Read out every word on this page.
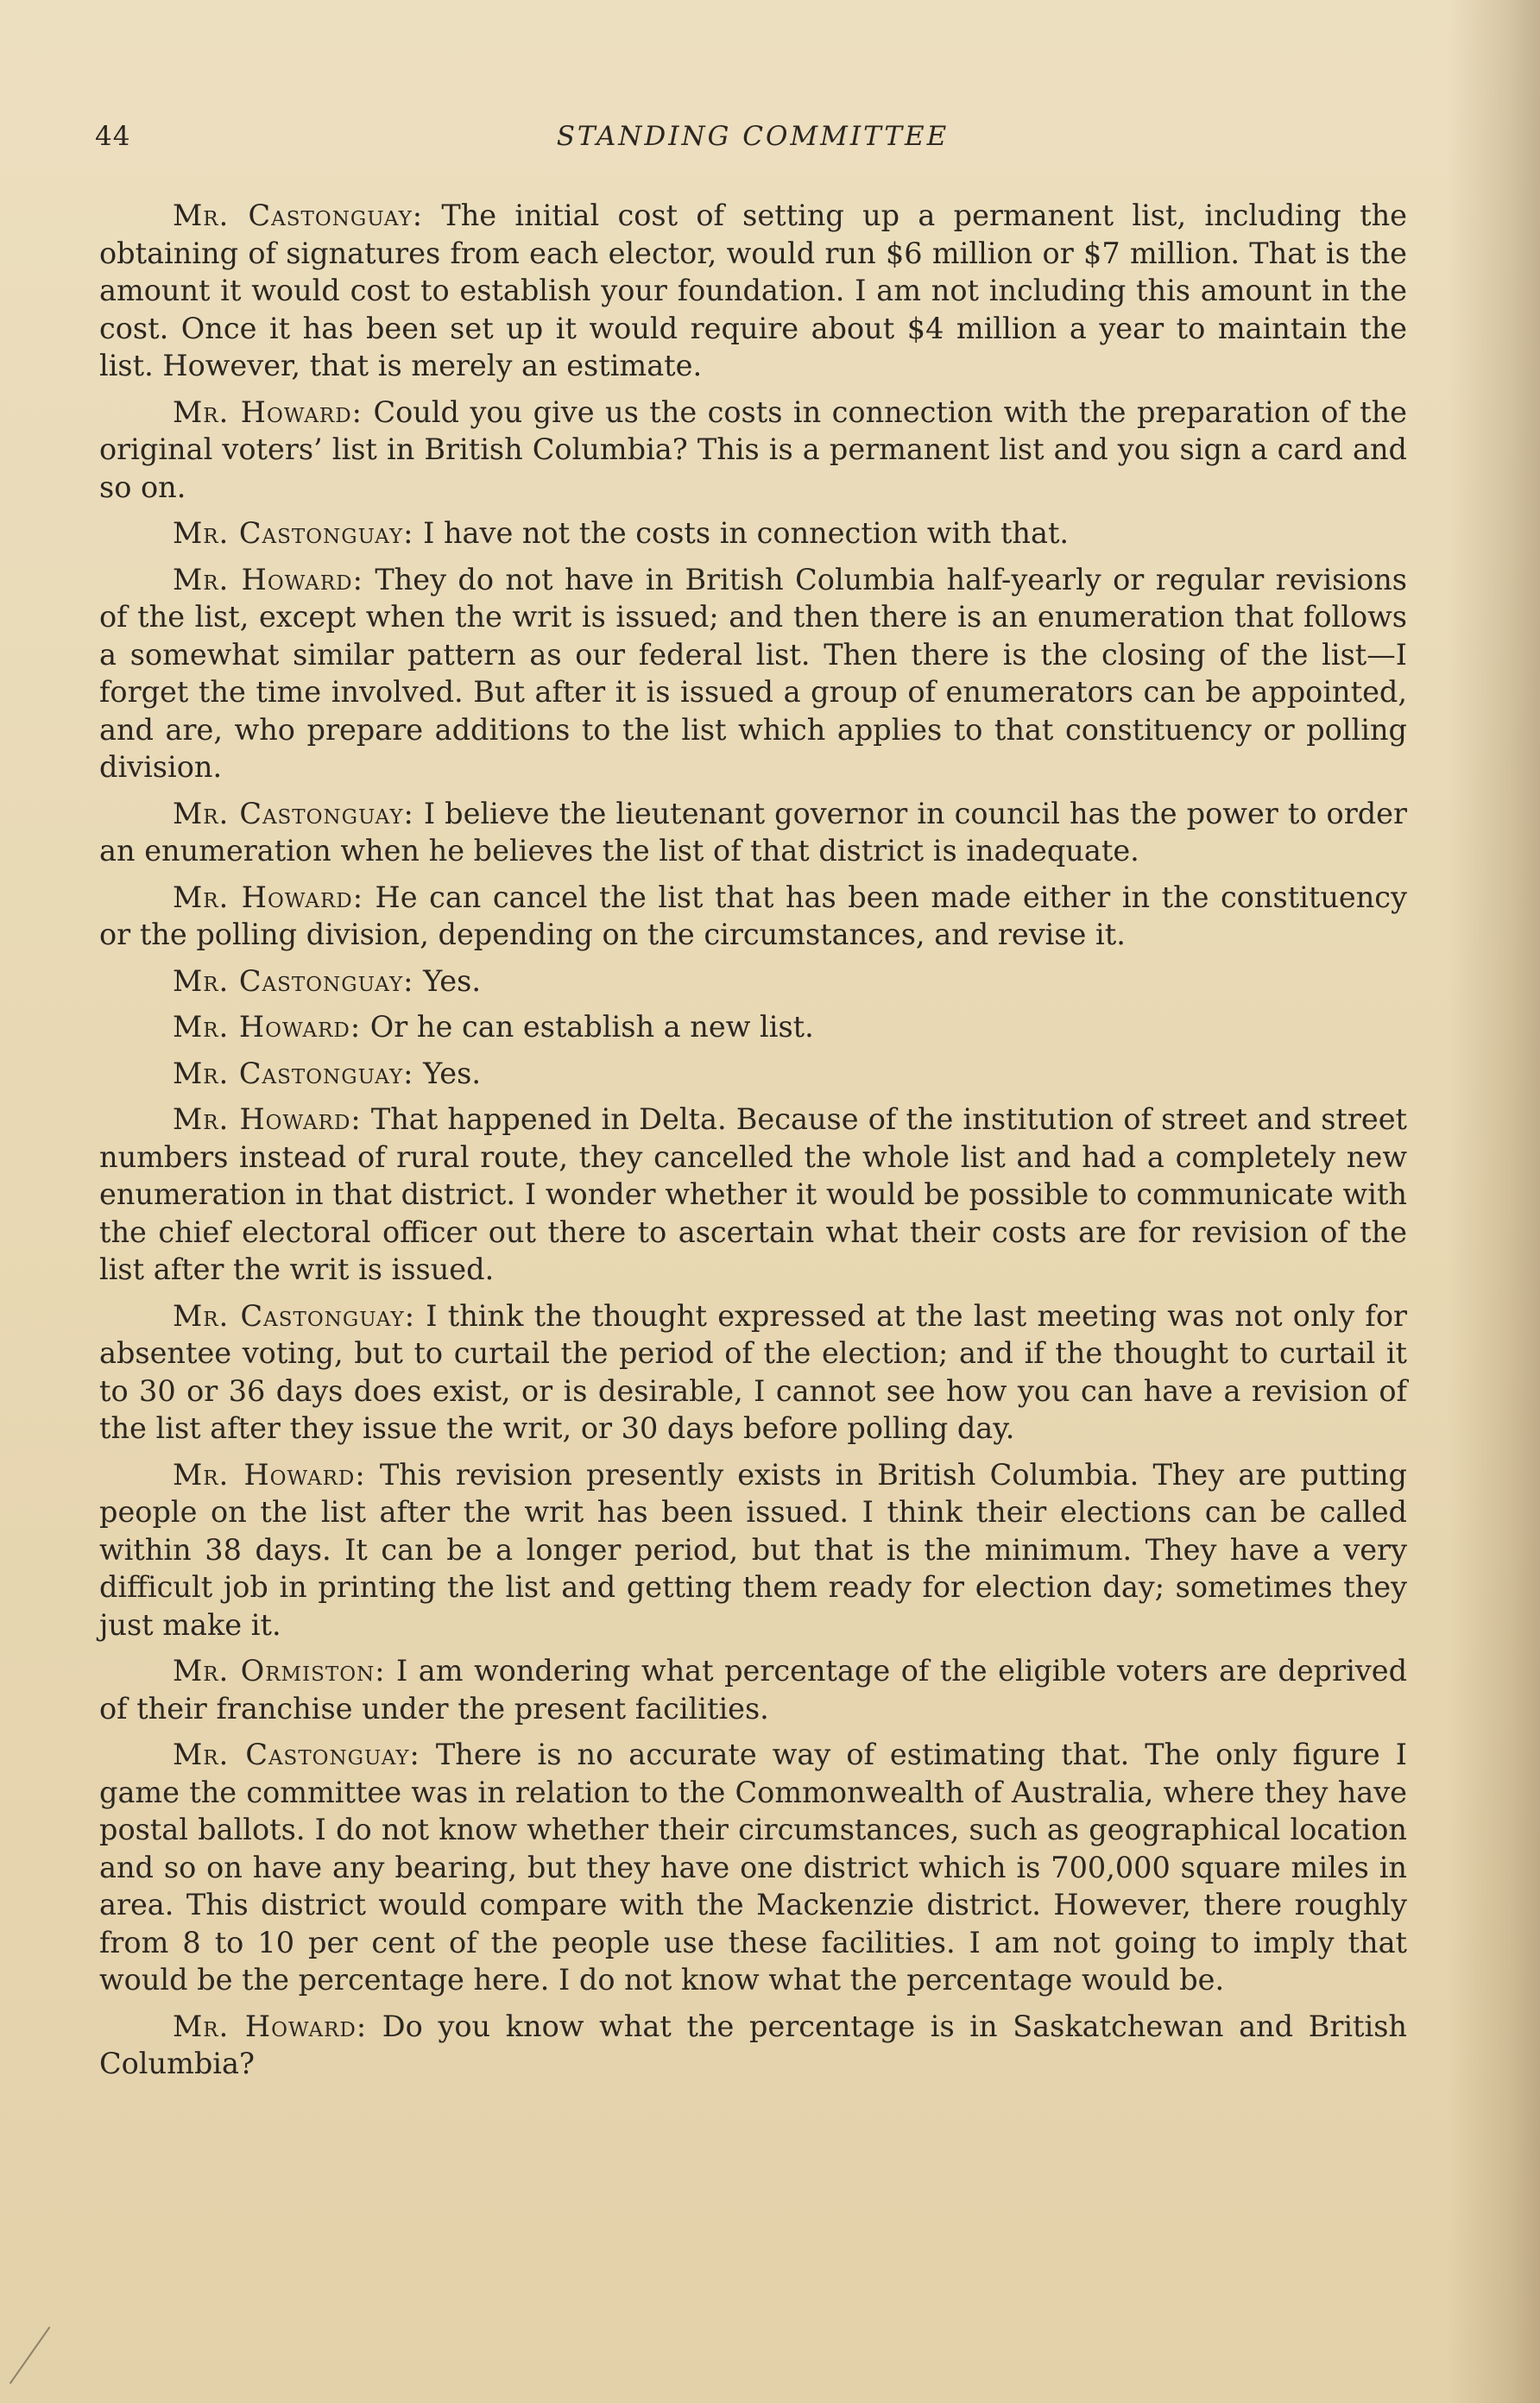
44	STANDING COMMITTEE

Mr. Castonguay: The initial cost of setting up a permanent list, including the obtaining of signatures from each elector, would run $6 million or $7 million. That is the amount it would cost to establish your foundation. I am not including this amount in the cost. Once it has been set up it would require about $4 million a year to maintain the list. However, that is merely an estimate.

Mr. Howard: Could you give us the costs in connection with the preparation of the original voters’ list in British Columbia? This is a permanent list and you sign a card and so on.

Mr. Castonguay: I have not the costs in connection with that.

Mr. Howard: They do not have in British Columbia half-yearly or regular revisions of the list, except when the writ is issued; and then there is an enumeration that follows a somewhat similar pattern as our federal list. Then there is the closing of the list—I forget the time involved. But after it is issued a group of enumerators can be appointed, and are, who prepare additions to the list which applies to that constituency or polling division.

Mr. Castonguay: I believe the lieutenant governor in council has the power to order an enumeration when he believes the list of that district is inadequate.

Mr. Howard: He can cancel the list that has been made either in the constituency or the polling division, depending on the circumstances, and revise it.

Mr. Castonguay: Yes.

Mr. Howard: Or he can establish a new list.

Mr. Castonguay: Yes.

Mr. Howard: That happened in Delta. Because of the institution of street and street numbers instead of rural route, they cancelled the whole list and had a completely new enumeration in that district. I wonder whether it would be possible to communicate with the chief electoral officer out there to ascertain what their costs are for revision of the list after the writ is issued.

Mr. Castonguay: I think the thought expressed at the last meeting was not only for absentee voting, but to curtail the period of the election; and if the thought to curtail it to 30 or 36 days does exist, or is desirable, I cannot see how you can have a revision of the list after they issue the writ, or 30 days before polling day.

Mr. Howard: This revision presently exists in British Columbia. They are putting people on the list after the writ has been issued. I think their elections can be called within 38 days. It can be a longer period, but that is the minimum. They have a very difficult job in printing the list and getting them ready for election day; sometimes they just make it.

Mr. Ormiston: I am wondering what percentage of the eligible voters are deprived of their franchise under the present facilities.

Mr. Castonguay: There is no accurate way of estimating that. The only figure I game the committee was in relation to the Commonwealth of Australia, where they have postal ballots. I do not know whether their circumstances, such as geographical location and so on have any bearing, but they have one district which is 700,000 square miles in area. This district would compare with the Mackenzie district. However, there roughly from 8 to 10 per cent of the people use these facilities. I am not going to imply that would be the percentage here. I do not know what the percentage would be.

Mr. Howard: Do you know what the percentage is in Saskatchewan and British Columbia?
